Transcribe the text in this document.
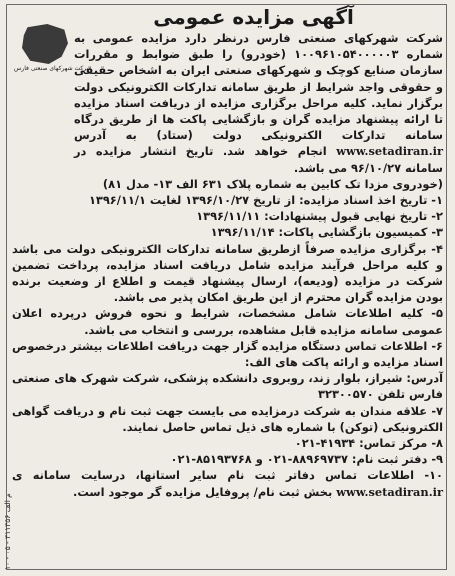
آگهی مزایده عمومی
شرکت شهرکهای صنعتی فارس

شرکت شهرکهای صنعتی فارس درنظر دارد مزایده عمومی به شماره ۱۰۰۹۶۱۰۵۴۰۰۰۰۰۳ (خودرو) را طبق ضوابط و مقررات سازمان صنایع کوچک و شهرکهای صنعتی ایران به اشخاص حقیقی و حقوقی واجد شرایط از طریق سامانه تدارکات الکترونیکی دولت برگزار نماید. کلیه مراحل برگزاری مزایده از دریافت اسناد مزایده تا ارائه پیشنهاد مزایده گران و بازگشایی پاکت ها از طریق درگاه سامانه تدارکات الکترونیکی دولت (ستاد) به آدرس www.setadiran.ir انجام خواهد شد. تاریخ انتشار مزایده در سامانه ۹۶/۱۰/۲۷ می باشد.

(خودروی مزدا تک کابین به شماره پلاک ۶۳۱ الف ۱۳- مدل ۸۱)

۱- تاریخ اخذ اسناد مزایده: از تاریخ ۱۳۹۶/۱۰/۲۷ لغایت ۱۳۹۶/۱۱/۱

۲- تاریخ نهایی قبول پیشنهادات: ۱۳۹۶/۱۱/۱۱

۳- کمیسیون بازگشایی پاکات: ۱۳۹۶/۱۱/۱۴

۴- برگزاری مزایده صرفاً ازطریق سامانه تدارکات الکترونیکی دولت می باشد و کلیه مراحل فرآیند مزایده شامل دریافت اسناد مزایده، پرداخت تضمین شرکت در مزایده (ودیعه)، ارسال پیشنهاد قیمت و اطلاع از وضعیت برنده بودن مزایده گران محترم از این طریق امکان پذیر می باشد.

۵- کلیه اطلاعات شامل مشخصات، شرایط و نحوه فروش درپرده اعلان عمومی سامانه مزایده قابل مشاهده، بررسی و انتخاب می باشد.

۶- اطلاعات تماس دستگاه مزایده گزار جهت دریافت اطلاعات بیشتر درخصوص اسناد مزایده و ارائه پاکت های الف:

آدرس: شیراز، بلوار زند، روبروی دانشکده پزشکی، شرکت شهرک های صنعتی فارس تلفن ۳۲۳۰۰۵۷۰

۷- علاقه مندان به شرکت درمزایده می بایست جهت ثبت نام و دریافت گواهی الکترونیکی (توکن) با شماره های ذیل تماس حاصل نمایند.

۸- مرکز تماس: ۴۱۹۳۴-۰۲۱

۹- دفتر ثبت نام: ۸۸۹۶۹۷۳۷-۰۲۱ و ۸۵۱۹۳۷۶۸-۰۲۱

۱۰- اطلاعات تماس دفاتر ثبت نام سایر استانها، درسایت سامانه ی www.setadiran.ir بخش ثبت نام/ پروفایل مزایده گر موجود است.

م الف ۳۱۱۳۵۶ - ۰۵ - ۱۰
